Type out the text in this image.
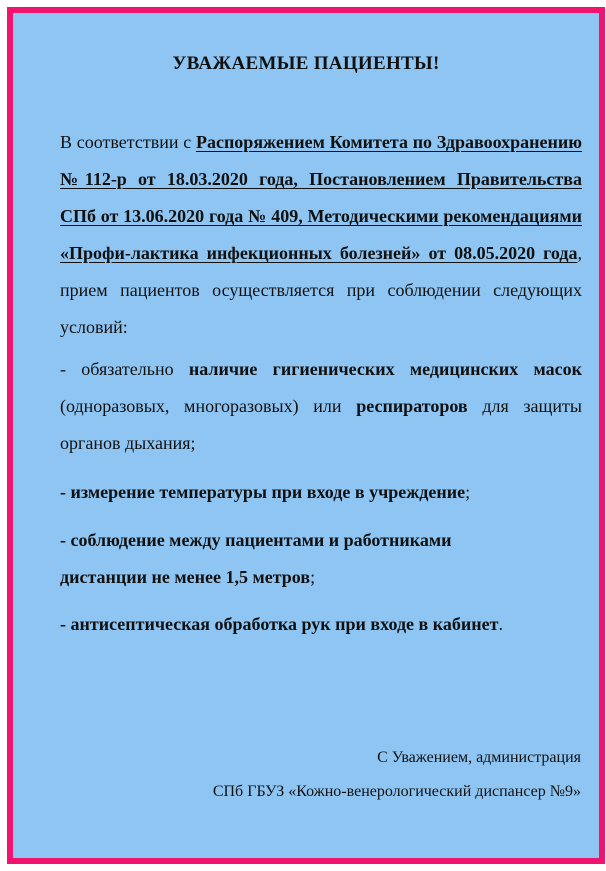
УВАЖАЕМЫЕ ПАЦИЕНТЫ!

В соответствии с Распоряжением Комитета по Здравоохранению №112-р от 18.03.2020 года, Постановлением Правительства СПб от 13.06.2020 года № 409, Методическими рекомендациями «Профи-лактика инфекционных болезней» от 08.05.2020 года, прием пациентов осуществляется при соблюдении следующих условий:

- обязательно наличие гигиенических медицинских масок (одноразовых, многоразовых) или респираторов для защиты органов дыхания;

- измерение температуры при входе в учреждение;

- соблюдение между пациентами и работниками
дистанции не менее 1,5 метров;

- антисептическая обработка рук при входе в кабинет.

С Уважением, администрация
СПб ГБУЗ «Кожно-венерологический диспансер №9»
